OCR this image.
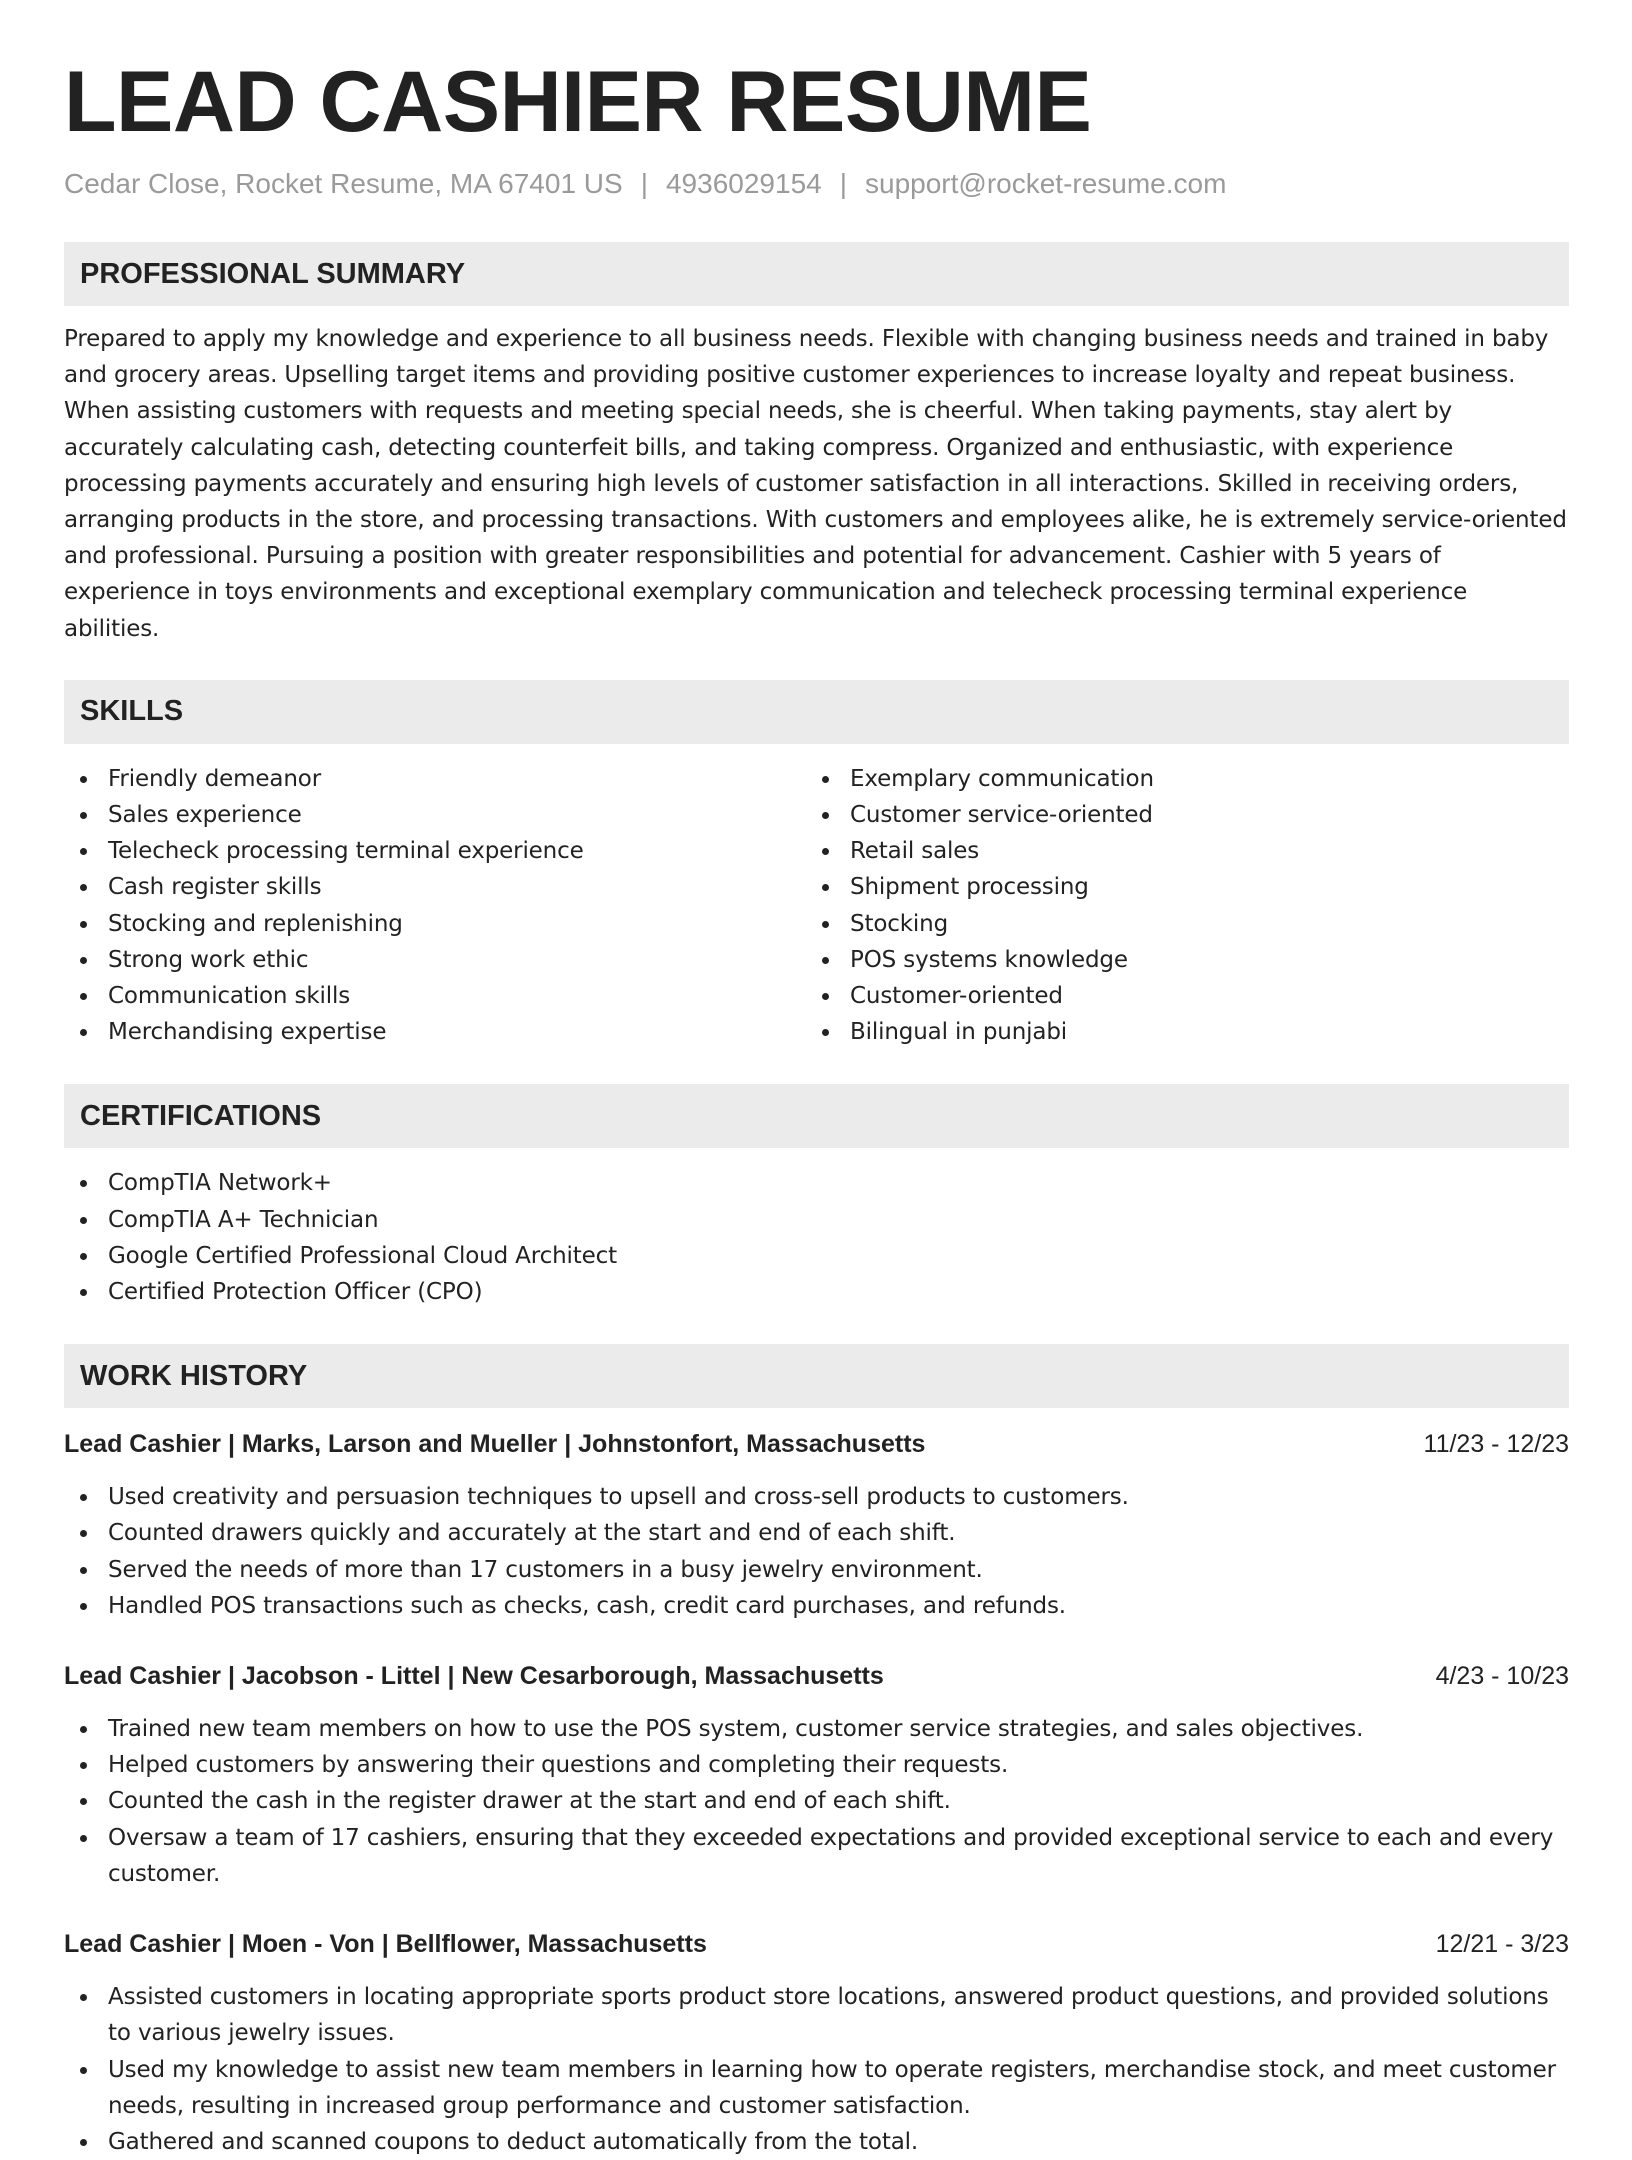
LEAD CASHIER RESUME
Cedar Close, Rocket Resume, MA 67401 US | 4936029154 | support@rocket-resume.com
PROFESSIONAL SUMMARY

Prepared to apply my knowledge and experience to all business needs. Flexible with changing business needs and trained in baby and grocery areas. Upselling target items and providing positive customer experiences to increase loyalty and repeat business. When assisting customers with requests and meeting special needs, she is cheerful. When taking payments, stay alert by accurately calculating cash, detecting counterfeit bills, and taking compress. Organized and enthusiastic, with experience processing payments accurately and ensuring high levels of customer satisfaction in all interactions. Skilled in receiving orders, arranging products in the store, and processing transactions. With customers and employees alike, he is extremely service-oriented and professional. Pursuing a position with greater responsibilities and potential for advancement. Cashier with 5 years of experience in toys environments and exceptional exemplary communication and telecheck processing terminal experience abilities.

SKILLS
Friendly demeanor
Sales experience
Telecheck processing terminal experience
Cash register skills
Stocking and replenishing
Strong work ethic
Communication skills
Merchandising expertise
Exemplary communication
Customer service-oriented
Retail sales
Shipment processing
Stocking
POS systems knowledge
Customer-oriented
Bilingual in punjabi
CERTIFICATIONS
CompTIA Network+
CompTIA A+ Technician
Google Certified Professional Cloud Architect
Certified Protection Officer (CPO)
WORK HISTORY
Lead Cashier | Marks, Larson and Mueller | Johnstonfort, Massachusetts	11/23 - 12/23
Used creativity and persuasion techniques to upsell and cross-sell products to customers.
Counted drawers quickly and accurately at the start and end of each shift.
Served the needs of more than 17 customers in a busy jewelry environment.
Handled POS transactions such as checks, cash, credit card purchases, and refunds.
Lead Cashier | Jacobson - Littel | New Cesarborough, Massachusetts	4/23 - 10/23
Trained new team members on how to use the POS system, customer service strategies, and sales objectives.
Helped customers by answering their questions and completing their requests.
Counted the cash in the register drawer at the start and end of each shift.
Oversaw a team of 17 cashiers, ensuring that they exceeded expectations and provided exceptional service to each and every customer.
Lead Cashier | Moen - Von | Bellflower, Massachusetts	12/21 - 3/23
Assisted customers in locating appropriate sports product store locations, answered product questions, and provided solutions to various jewelry issues.
Used my knowledge to assist new team members in learning how to operate registers, merchandise stock, and meet customer needs, resulting in increased group performance and customer satisfaction.
Gathered and scanned coupons to deduct automatically from the total.
